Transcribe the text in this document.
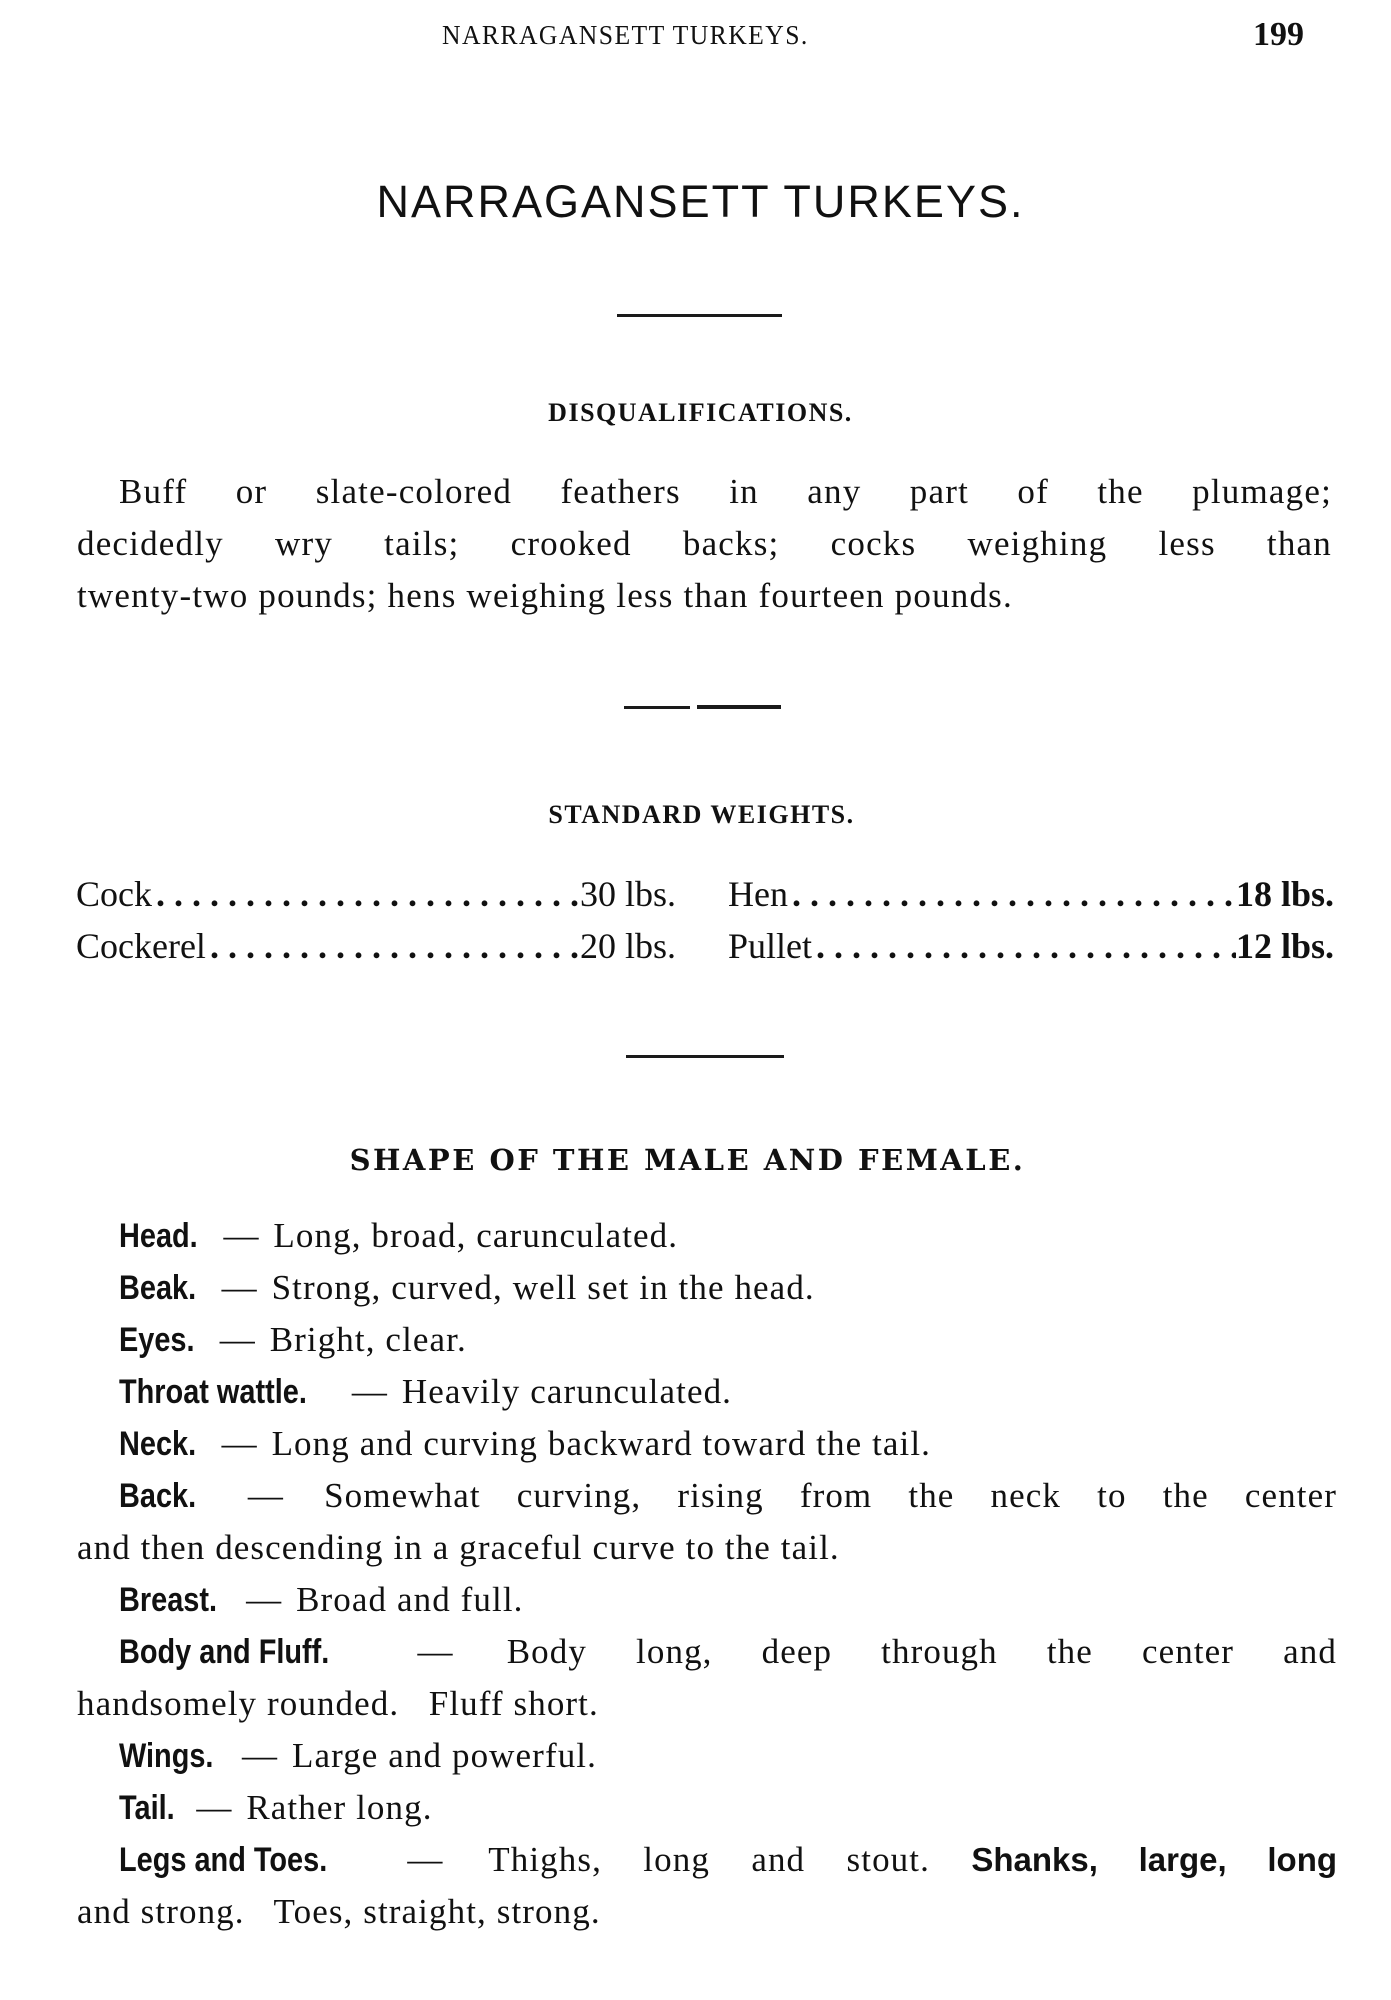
NARRAGANSETT TURKEYS.	199
NARRAGANSETT TURKEYS.
DISQUALIFICATIONS.
Buff or slate-colored feathers in any part of the plumage;
decidedly wry tails; crooked backs; cocks weighing less than
twenty-two pounds; hens weighing less than fourteen pounds.
STANDARD WEIGHTS.
Cock . . .	30 lbs. Hen . . .	18 lbs.
Cockerel . . .	20 lbs. Pullet . . .	12 lbs.
SHAPE OF THE MALE AND FEMALE.
Head. — Long, broad, carunculated.
Beak. — Strong, curved, well set in the head.
Eyes. — Bright, clear.
Throat wattle. — Heavily carunculated.
Neck. — Long and curving backward toward the tail.
Back. — Somewhat curving, rising from the neck to the center
and then descending in a graceful curve to the tail.
Breast. — Broad and full.
Body and Fluff.	— Body long, deep through the center and
handsomely rounded.   Fluff short.
Wings. — Large and powerful.
Tail. — Rather long.
Legs and Toes. — Thighs, long and stout. Shanks, large, long
and strong.   Toes, straight, strong.
